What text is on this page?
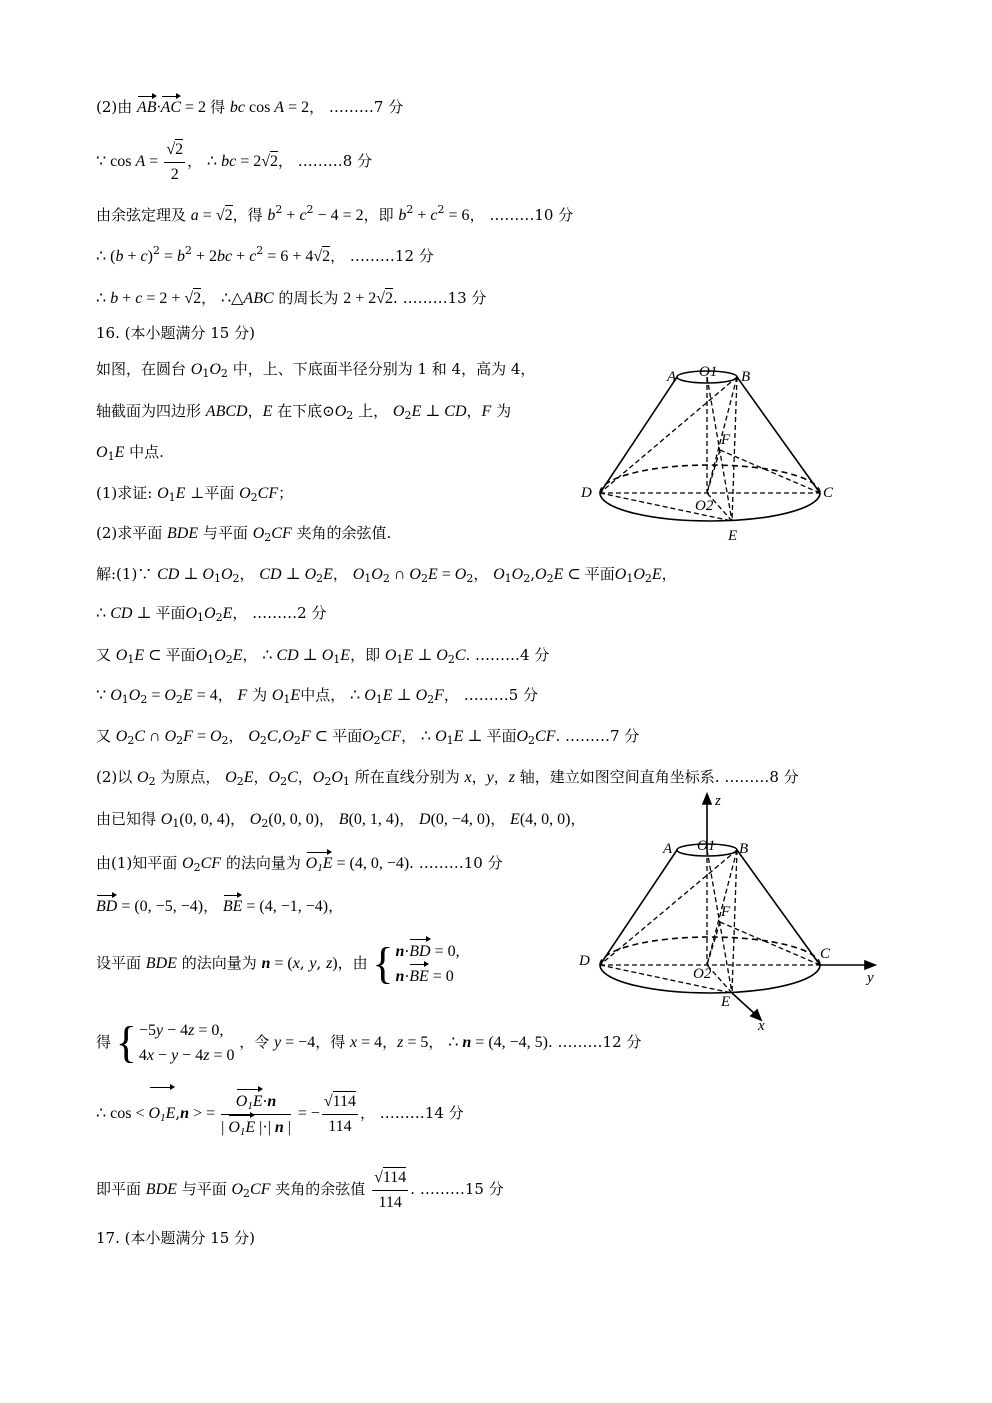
(2)由 AB·AC = 2 得 bc cos A = 2， ………7 分
∵ $\cos A = \frac{√2}{2}$ ， ∴ bc = 2√2， ………8 分
由余弦定理及 a = √2，得 $b^2 + c^2 - 4 = 2$，即 $b^2 + c^2 = 6$， ………10 分
∴ $(b + c)^2 = b^2 + 2bc + c^2 = 6 + 4√2$， ………12 分
∴ b + c = 2 + √2， ∴△ABC 的周长为 2 + 2√2. ………13 分
16. (本小题满分 15 分)
如图，在圆台 $O_1O_2$ 中，上、下底面半径分别为 1 和 4，高为 4，
轴截面为四边形 ABCD，E 在下底$⊙O_2$ 上， $O_2E$ ⊥ CD，F 为
$O_1E$ 中点.
(1)求证: $O_1E$ ⊥平面 $O_2CF$；
(2)求平面 BDE 与平面 $O_2CF$ 夹角的余弦值.
解:(1)∵ CD ⊥ $O_1O_2$， CD ⊥ $O_2E$， $O_1O_2$ ∩ $O_2E = O_2$， $O_1O_2,O_2E$ ⊂ 平面$O_1O_2E$，
∴ CD ⊥ 平面$O_1O_2E$， ………2 分
又 $O_1E$ ⊂ 平面$O_1O_2E$， ∴ CD ⊥ $O_1E$，即 $O_1E$ ⊥ $O_2C$. ………4 分
∵ $O_1O_2 = O_2E = 4$， F 为 $O_1E$中点， ∴ $O_1E$ ⊥ $O_2F$， ………5 分
又 $O_2C$ ∩ $O_2F = O_2$， $O_2C,O_2F$ ⊂ 平面$O_2CF$， ∴ $O_1E$ ⊥ 平面$O_2CF$. ………7 分
(2)以 $O_2$ 为原点， $O_2E$，$O_2C$，$O_2O_1$ 所在直线分别为 x，y，z 轴，建立如图空间直角坐标系. ………8 分
由已知得 $O_1(0$, 0, 4)， $O_2(0$, 0, 0)， B(0, 1, 4)， D(0, −4, 0)， E(4, 0, 0)，
由(1)知平面 $O_2CF$ 的法向量为 $O_1E = (4$, 0, −4). ………10 分
BD = (0, −5, −4)， BE = (4, −1, −4)，
设平面 BDE 的法向量为 n = (x, y, z)，由 { n·BD = 0,
n·BE = 0
得 { −5y − 4z = 0,
4x − y − 4z = 0 ，令 y = −4，得 x = 4，z = 5， ∴ n = (4, −4, 5). ………12 分
∴ $\cos < O_1E,n$ > = $\frac{O_1E\cdot n}{| O_1E |\cdot| n |}$ = − $\frac{√114}{114}$ ， ………14 分
即平面 BDE 与平面 $O_2CF$ 夹角的余弦值 $\frac{√114}{114}$ . ………15 分
17. (本小题满分 15 分)
A O1 B
F
D	C
O2
E
z
A O1 B
F
D	C
O2
E
y
x
